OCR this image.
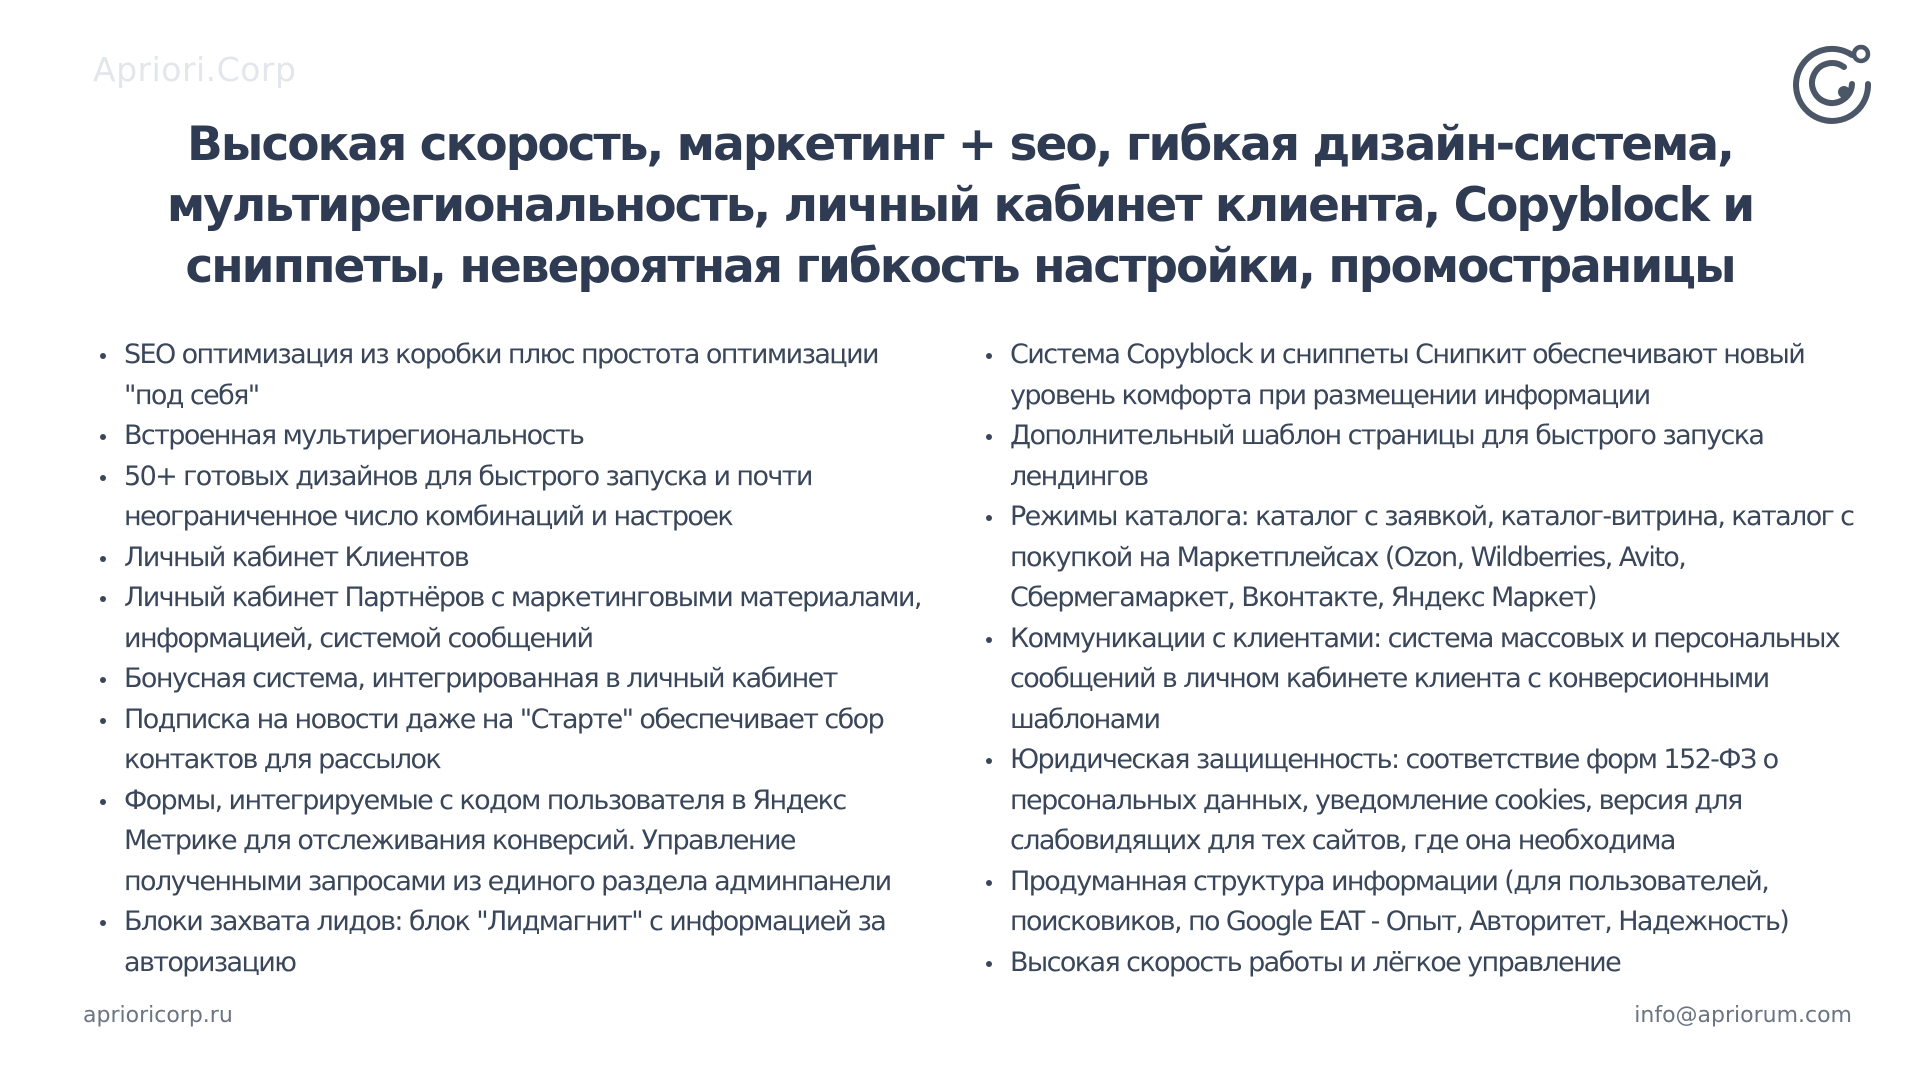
Apriori.Corp
Высокая скорость, маркетинг + seo, гибкая дизайн-система, мультирегиональность, личный кабинет клиента, Copyblock и сниппеты, невероятная гибкость настройки, промостраницы
SEO оптимизация из коробки плюс простота оптимизации "под себя"
Встроенная мультирегиональность
50+ готовых дизайнов для быстрого запуска и почти неограниченное число комбинаций и настроек
Личный кабинет Клиентов
Личный кабинет Партнёров с маркетинговыми материалами, информацией, системой сообщений
Бонусная система, интегрированная в личный кабинет
Подписка на новости даже на "Старте" обеспечивает сбор контактов для рассылок
Формы, интегрируемые с кодом пользователя в Яндекс Метрике для отслеживания конверсий. Управление полученными запросами из единого раздела админпанели
Блоки захвата лидов: блок "Лидмагнит" с информацией за авторизацию
Система Copyblock и сниппеты Снипкит обеспечивают новый уровень комфорта при размещении информации
Дополнительный шаблон страницы для быстрого запуска лендингов
Режимы каталога: каталог с заявкой, каталог-витрина, каталог с покупкой на Маркетплейсах (Ozon, Wildberries, Avito, Сбермегамаркет, Вконтакте, Яндекс Маркет)
Коммуникации с клиентами: система массовых и персональных сообщений в личном кабинете клиента с конверсионными шаблонами
Юридическая защищенность: соответствие форм 152-ФЗ о персональных данных, уведомление cookies, версия для слабовидящих для тех сайтов, где она необходима
Продуманная структура информации (для пользователей, поисковиков, по Google EAT - Опыт, Авторитет, Надежность)
Высокая скорость работы и лёгкое управление
aprioricorp.ru	info@apriorum.com
